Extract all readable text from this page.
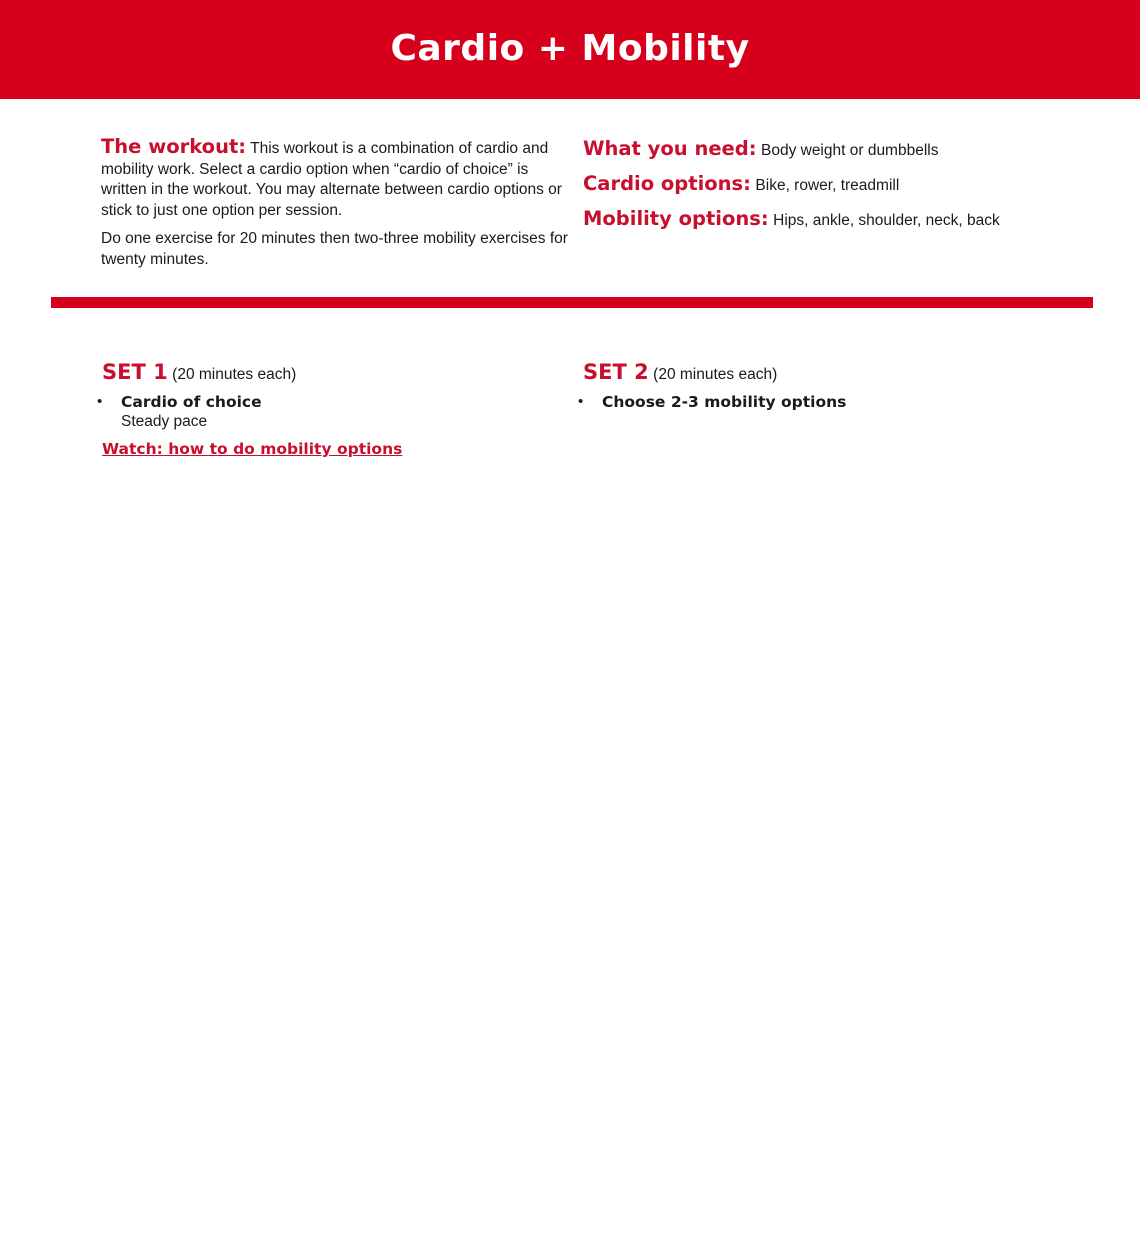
Cardio + Mobility

The workout: This workout is a combination of cardio and mobility work. Select a cardio option when “cardio of choice” is written in the workout. You may alternate between cardio options or stick to just one option per session.

Do one exercise for 20 minutes then two-three mobility exercises for twenty minutes.

What you need: Body weight or dumbbells
Cardio options: Bike, rower, treadmill
Mobility options: Hips, ankle, shoulder, neck, back
SET 1 (20 minutes each)
• Cardio of choice
Steady pace
Watch: how to do mobility options
SET 2 (20 minutes each)
• Choose 2-3 mobility options
